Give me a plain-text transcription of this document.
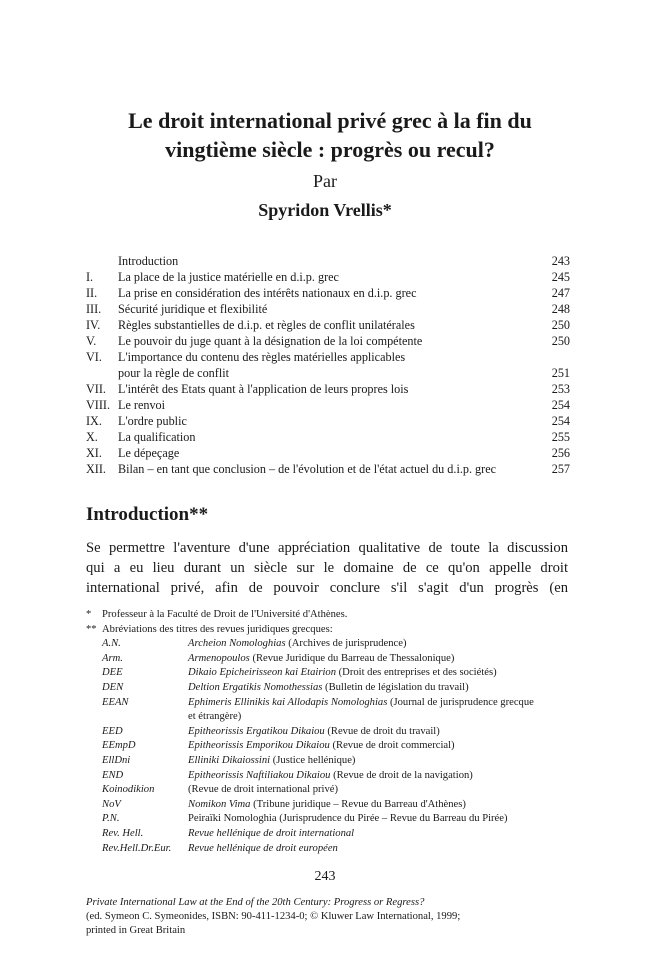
Le droit international privé grec à la fin du
vingtième siècle : progrès ou recul?
Par
Spyridon Vrellis*
Introduction	243
I.	La place de la justice matérielle en d.i.p. grec	245
II.	La prise en considération des intérêts nationaux en d.i.p. grec	247
III.	Sécurité juridique et flexibilité	248
IV.	Règles substantielles de d.i.p. et règles de conflit unilatérales	250
V.	Le pouvoir du juge quant à la désignation de la loi compétente	250
VI.	L'importance du contenu des règles matérielles applicables
pour la règle de conflit	251
VII. L'intérêt des Etats quant à l'application de leurs propres lois	253
VIII. Le renvoi	254
IX.	L'ordre public	254
X.	La qualification	255
XI.	Le dépeçage	256
XII. Bilan – en tant que conclusion – de l'évolution et de l'état actuel du d.i.p. grec	257
Introduction**
Se permettre l'aventure d'une appréciation qualitative de toute la discussion
qui a eu lieu durant un siècle sur le domaine de ce qu'on appelle droit
international privé, afin de pouvoir conclure s'il s'agit d'un progrès (en
* Professeur à la Faculté de Droit de l'Université d'Athènes.
** Abréviations des titres des revues juridiques grecques:
A.N.	Archeion Nomologhias (Archives de jurisprudence)
Arm.	Armenopoulos (Revue Juridique du Barreau de Thessalonique)
DEE	Dikaio Epicheirisseon kai Etairion (Droit des entreprises et des sociétés)
DEN	Deltion Ergatikis Nomothessias (Bulletin de législation du travail)
EEAN	Ephimeris Ellinikis kai Allodapis Nomologhias (Journal de jurisprudence grecque
et étrangère)
EED	Epitheorissis Ergatikou Dikaiou (Revue de droit du travail)
EEmpD	Epitheorissis Emporikou Dikaiou (Revue de droit commercial)
EllDni	Elliniki Dikaiossini (Justice hellénique)
END	Epitheorissis Naftiliakou Dikaiou (Revue de droit de la navigation)
Koinodikion	(Revue de droit international privé)
NoV	Nomikon Vima (Tribune juridique – Revue du Barreau d'Athènes)
P.N.	Peiraïki Nomologhia (Jurisprudence du Pirée – Revue du Barreau du Pirée)
Rev. Hell.	Revue hellénique de droit international
Rev.Hell.Dr.Eur.	Revue hellénique de droit européen
243
Private International Law at the End of the 20th Century: Progress or Regress?
(ed. Symeon C. Symeonides, ISBN: 90-411-1234-0; © Kluwer Law International, 1999;
printed in Great Britain
